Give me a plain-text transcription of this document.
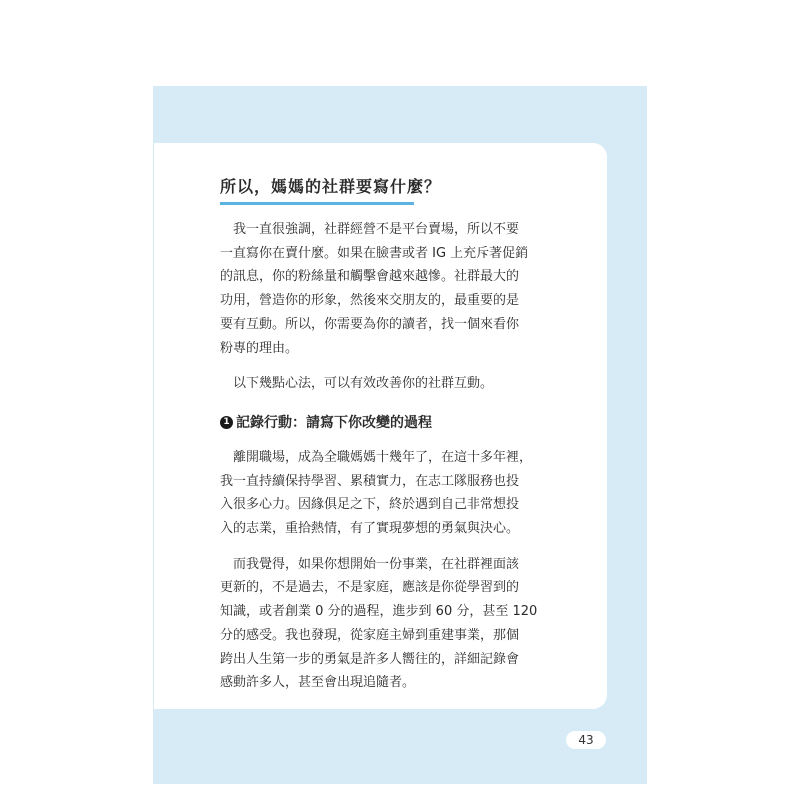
所以，媽媽的社群要寫什麼？

我一直很強調，社群經營不是平台賣場，所以不要
一直寫你在賣什麼。如果在臉書或者 IG 上充斥著促銷
的訊息，你的粉絲量和觸擊會越來越慘。社群最大的
功用，營造你的形象，然後來交朋友的，最重要的是
要有互動。所以，你需要為你的讀者，找一個來看你
粉專的理由。

以下幾點心法，可以有效改善你的社群互動。

1 記錄行動：請寫下你改變的過程

離開職場，成為全職媽媽十幾年了，在這十多年裡，
我一直持續保持學習、累積實力，在志工隊服務也投
入很多心力。因緣俱足之下，終於遇到自己非常想投
入的志業，重拾熱情，有了實現夢想的勇氣與決心。

而我覺得，如果你想開始一份事業，在社群裡面該
更新的，不是過去，不是家庭，應該是你從學習到的
知識，或者創業 0 分的過程，進步到 60 分，甚至 120
分的感受。我也發現，從家庭主婦到重建事業，那個
跨出人生第一步的勇氣是許多人嚮往的，詳細記錄會
感動許多人，甚至會出現追隨者。

43
